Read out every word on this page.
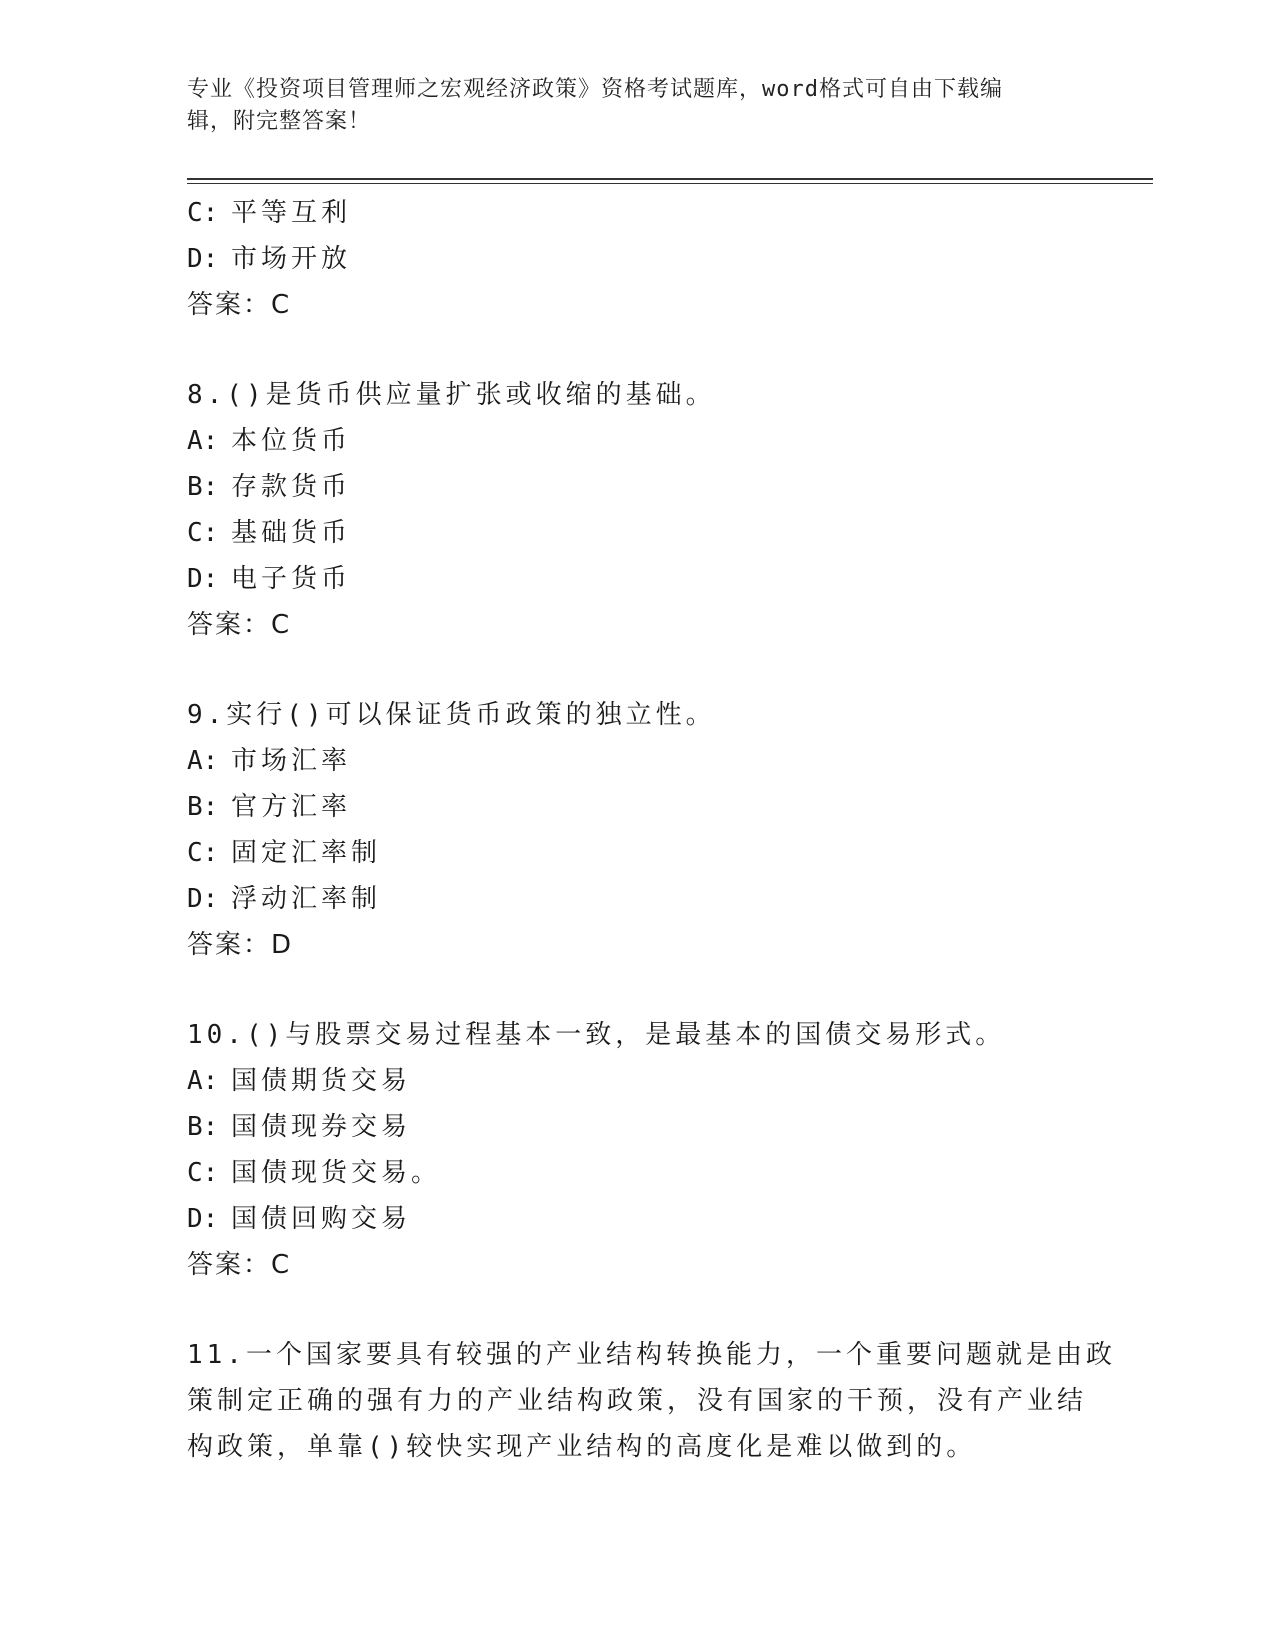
专业《投资项目管理师之宏观经济政策》资格考试题库，word格式可自由下载编
辑，附完整答案！
C: 平等互利
D: 市场开放
答案：C
8.()是货币供应量扩张或收缩的基础。
A: 本位货币
B: 存款货币
C: 基础货币
D: 电子货币
答案：C
9.实行()可以保证货币政策的独立性。
A: 市场汇率
B: 官方汇率
C: 固定汇率制
D: 浮动汇率制
答案：D
10.()与股票交易过程基本一致，是最基本的国债交易形式。
A: 国债期货交易
B: 国债现券交易
C: 国债现货交易。
D: 国债回购交易
答案：C
11.一个国家要具有较强的产业结构转换能力，一个重要问题就是由政
策制定正确的强有力的产业结构政策，没有国家的干预，没有产业结
构政策，单靠()较快实现产业结构的高度化是难以做到的。
